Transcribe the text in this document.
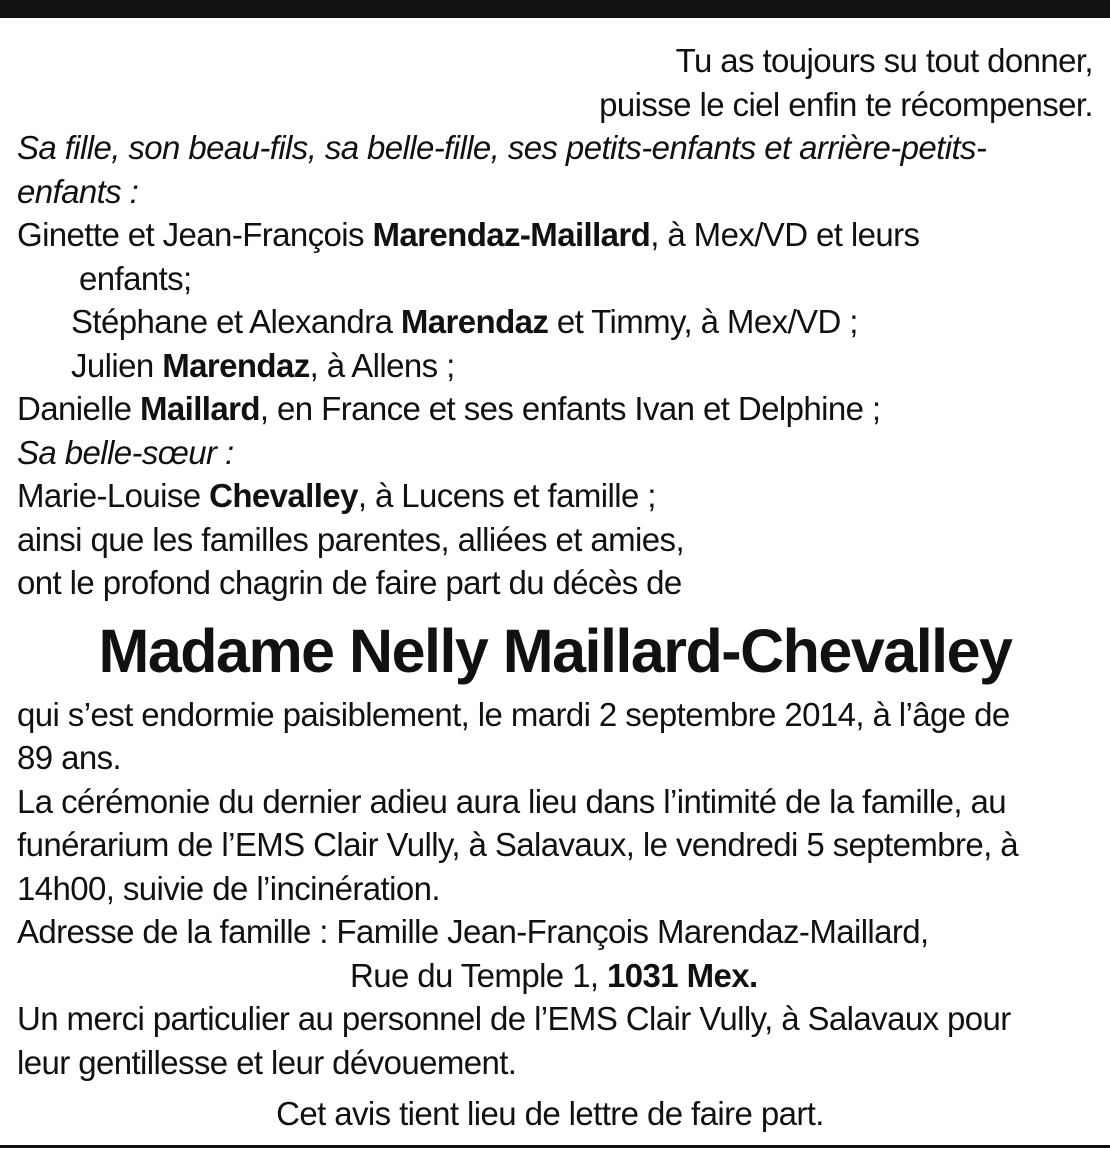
Tu as toujours su tout donner,

puisse le ciel enfin te récompenser.

Sa fille, son beau-fils, sa belle-fille, ses petits-enfants et arrière-petits-

enfants :

Ginette et Jean-François Marendaz-Maillard, à Mex/VD et leurs

enfants;

Stéphane et Alexandra Marendaz et Timmy, à Mex/VD ;

Julien Marendaz, à Allens ;

Danielle Maillard, en France et ses enfants Ivan et Delphine ;

Sa belle-sœur :

Marie-Louise Chevalley, à Lucens et famille ;

ainsi que les familles parentes, alliées et amies,

ont le profond chagrin de faire part du décès de

Madame Nelly Maillard-Chevalley

qui s’est endormie paisiblement, le mardi 2 septembre 2014, à l’âge de

89 ans.

La cérémonie du dernier adieu aura lieu dans l’intimité de la famille, au

funérarium de l’EMS Clair Vully, à Salavaux, le vendredi 5 septembre, à

14h00, suivie de l’incinération.

Adresse de la famille : Famille Jean-François Marendaz-Maillard,

Rue du Temple 1, 1031 Mex.

Un merci particulier au personnel de l’EMS Clair Vully, à Salavaux pour

leur gentillesse et leur dévouement.

Cet avis tient lieu de lettre de faire part.
